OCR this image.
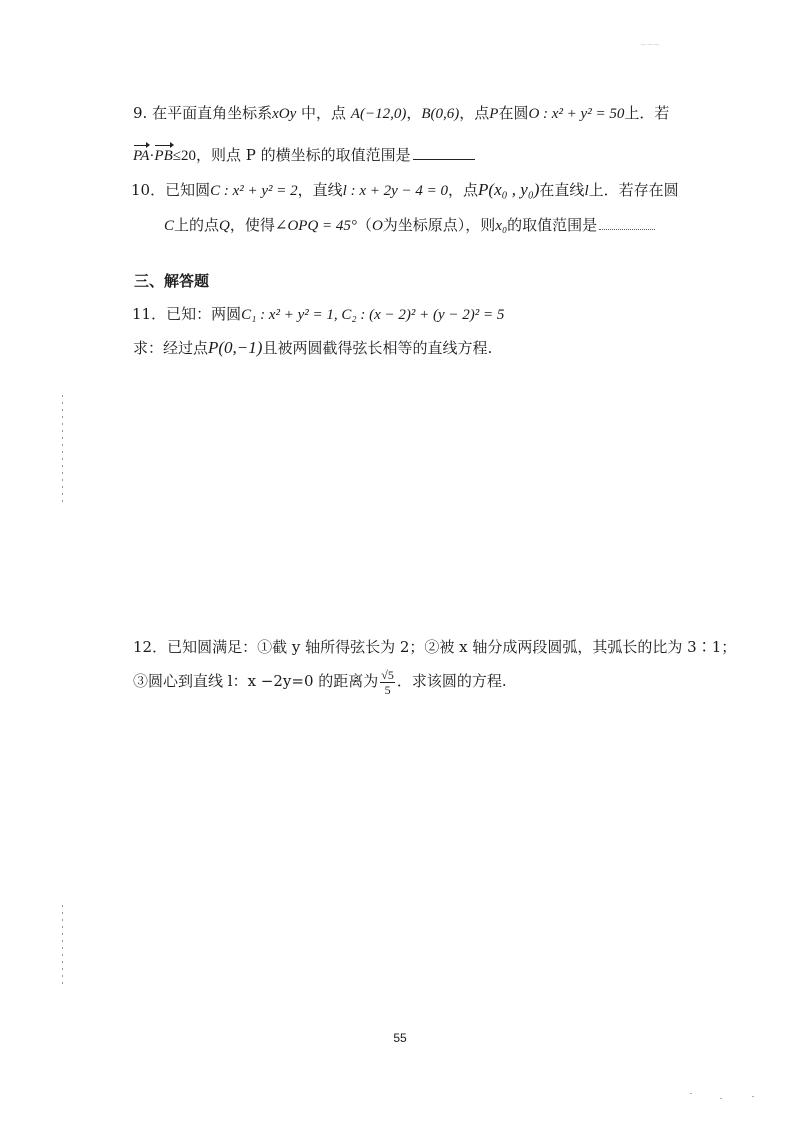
~~~
9. 在平面直角坐标系xOy 中，点 A(−12,0)，B(0,6)，点P在圆O : x² + y² = 50上．若
PA·PB≤20，则点 P 的横坐标的取值范围是
10．已知圆C : x² + y² = 2，直线l : x + 2y − 4 = 0，点P(x₀ , y₀)在直线l上．若存在圆
C上的点Q，使得∠OPQ = 45°（O为坐标原点），则x₀的取值范围是
三、解答题
11．已知：两圆C₁ : x² + y² = 1, C₂ : (x − 2)² + (y − 2)² = 5
求：经过点P(0,−1)且被两圆截得弦长相等的直线方程.
12．已知圆满足：①截 y 轴所得弦长为 2；②被 x 轴分成两段圆弧，其弧长的比为 3∶1；
③圆心到直线 l：x −2y=0 的距离为 $\frac{√5}{5}$ ．求该圆的方程.
55
